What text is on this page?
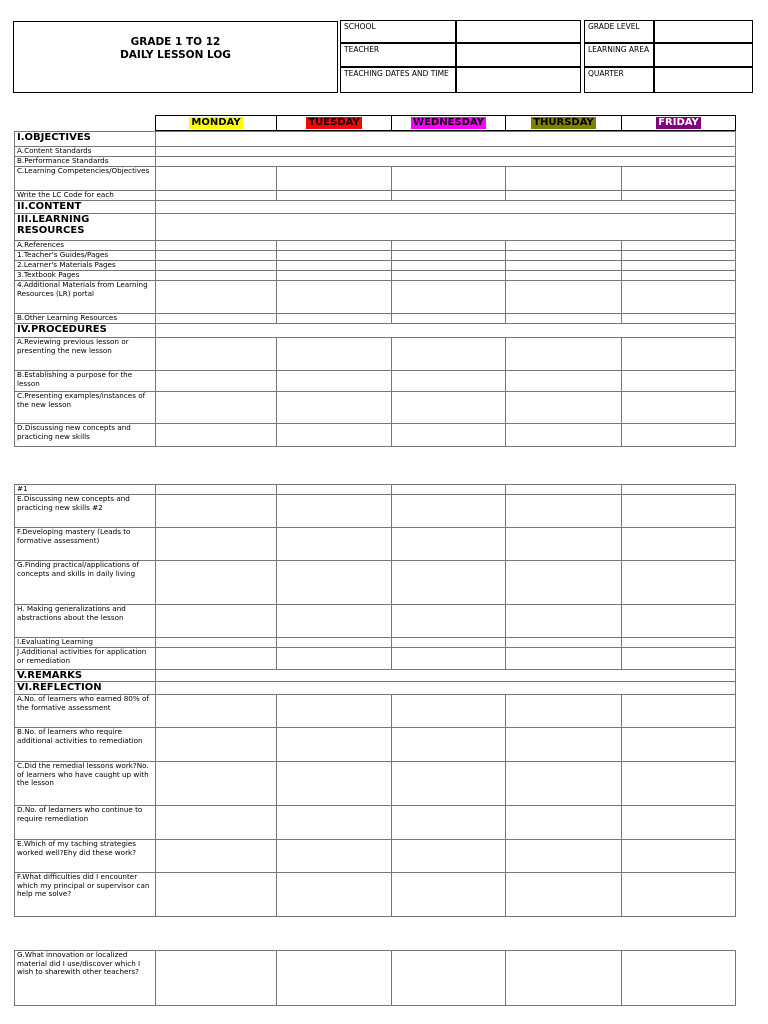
GRADE 1 TO 12
DAILY LESSON LOG
SCHOOL
TEACHER
TEACHING DATES AND TIME
GRADE LEVEL
LEARNING AREA
QUARTER
MONDAY	TUESDAY	WEDNESDAY	THURSDAY	FRIDAY
I.OBJECTIVES					
A.Content Standards					
B.Performance Standards					
C.Learning Competencies/Objectives					
Write the LC Code for each					
II.CONTENT					
III.LEARNING RESOURCES					
A.References					
1.Teacher's Guides/Pages					
2.Learner's Materials Pages					
3.Textbook Pages					
4.Additional Materials from Learning Resources (LR) portal					
B.Other Learning Resources					
IV.PROCEDURES					
A.Reviewing previous lesson or presenting the new lesson					
B.Establishing a purpose for the lesson					
C.Presenting examples/instances of the new lesson					
D.Discussing new concepts and practicing new skills					
#1					
E.Discussing new concepts and practicing new skills #2					
F.Developing mastery (Leads to formative assessment)					
G.Finding practical/applications of concepts and skills in daily living					
H. Making generalizations and abstractions about the lesson					
I.Evaluating Learning					
J.Additional activities for application or remediation					
V.REMARKS					
VI.REFLECTION					
A.No. of learners who earned 80% of the formative assessment					
B.No. of learners who require additional activities to remediation					
C.Did the remedial lessons work?No. of learners who have caught up with the lesson					
D.No. of ledarners who continue to require remediation					
E.Which of my taching strategies worked well?Ehy did these work?					
F.What difficulties did I encounter which my principal or supervisor can help me solve?					
G.What innovation or localized material did I use/discover which I wish to sharewith other teachers?					
